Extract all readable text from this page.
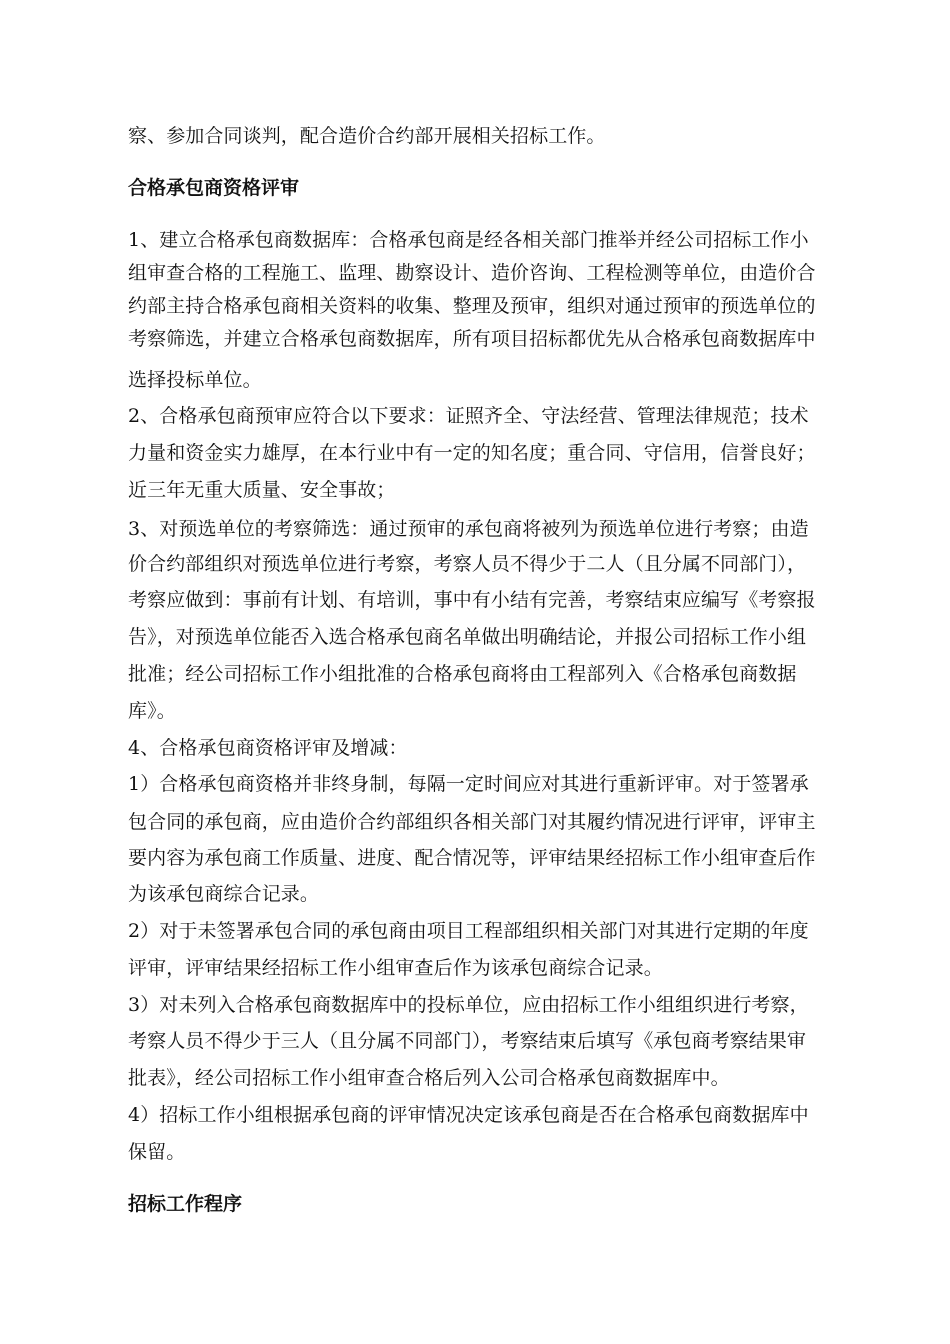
察、参加合同谈判，配合造价合约部开展相关招标工作。
合格承包商资格评审
1、建立合格承包商数据库：合格承包商是经各相关部门推举并经公司招标工作小
组审查合格的工程施工、监理、勘察设计、造价咨询、工程检测等单位，由造价合
约部主持合格承包商相关资料的收集、整理及预审，组织对通过预审的预选单位的
考察筛选，并建立合格承包商数据库，所有项目招标都优先从合格承包商数据库中
选择投标单位。
2、合格承包商预审应符合以下要求：证照齐全、守法经营、管理法律规范；技术
力量和资金实力雄厚，在本行业中有一定的知名度；重合同、守信用，信誉良好；
近三年无重大质量、安全事故；
3、对预选单位的考察筛选：通过预审的承包商将被列为预选单位进行考察；由造
价合约部组织对预选单位进行考察，考察人员不得少于二人（且分属不同部门），
考察应做到：事前有计划、有培训，事中有小结有完善，考察结束应编写《考察报
告》，对预选单位能否入选合格承包商名单做出明确结论，并报公司招标工作小组
批准；经公司招标工作小组批准的合格承包商将由工程部列入《合格承包商数据
库》。
4、合格承包商资格评审及增减：
1）合格承包商资格并非终身制，每隔一定时间应对其进行重新评审。对于签署承
包合同的承包商，应由造价合约部组织各相关部门对其履约情况进行评审，评审主
要内容为承包商工作质量、进度、配合情况等，评审结果经招标工作小组审查后作
为该承包商综合记录。
2）对于未签署承包合同的承包商由项目工程部组织相关部门对其进行定期的年度
评审，评审结果经招标工作小组审查后作为该承包商综合记录。
3）对未列入合格承包商数据库中的投标单位，应由招标工作小组组织进行考察，
考察人员不得少于三人（且分属不同部门），考察结束后填写《承包商考察结果审
批表》，经公司招标工作小组审查合格后列入公司合格承包商数据库中。
4）招标工作小组根据承包商的评审情况决定该承包商是否在合格承包商数据库中
保留。
招标工作程序
